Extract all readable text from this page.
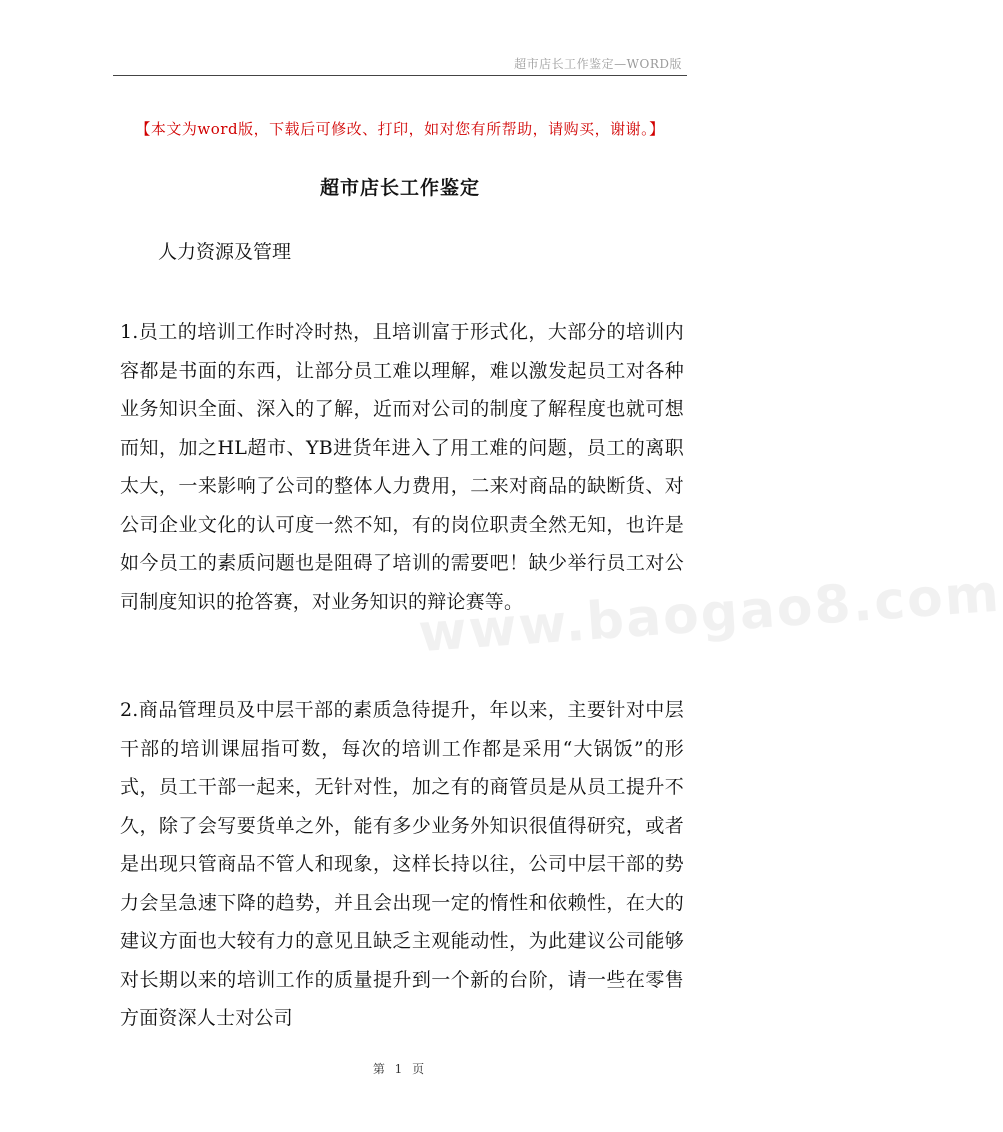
超市店长工作鉴定—WORD版
【本文为word版，下载后可修改、打印，如对您有所帮助，请购买，谢谢。】
超市店长工作鉴定
人力资源及管理

1.员工的培训工作时冷时热，且培训富于形式化，大部分的培训内容都是书面的东西，让部分员工难以理解，难以激发起员工对各种业务知识全面、深入的了解，近而对公司的制度了解程度也就可想而知，加之HL超市、YB进货年进入了用工难的问题，员工的离职太大，一来影响了公司的整体人力费用，二来对商品的缺断货、对公司企业文化的认可度一然不知，有的岗位职责全然无知，也许是如今员工的素质问题也是阻碍了培训的需要吧！缺少举行员工对公司制度知识的抢答赛，对业务知识的辩论赛等。

www.baogao8.com

2.商品管理员及中层干部的素质急待提升，年以来，主要针对中层干部的培训课屈指可数，每次的培训工作都是采用“大锅饭”的形式，员工干部一起来，无针对性，加之有的商管员是从员工提升不久，除了会写要货单之外，能有多少业务外知识很值得研究，或者是出现只管商品不管人和现象，这样长持以往，公司中层干部的势力会呈急速下降的趋势，并且会出现一定的惰性和依赖性，在大的建议方面也大较有力的意见且缺乏主观能动性，为此建议公司能够对长期以来的培训工作的质量提升到一个新的台阶，请一些在零售方面资深人士对公司

第 1 页
